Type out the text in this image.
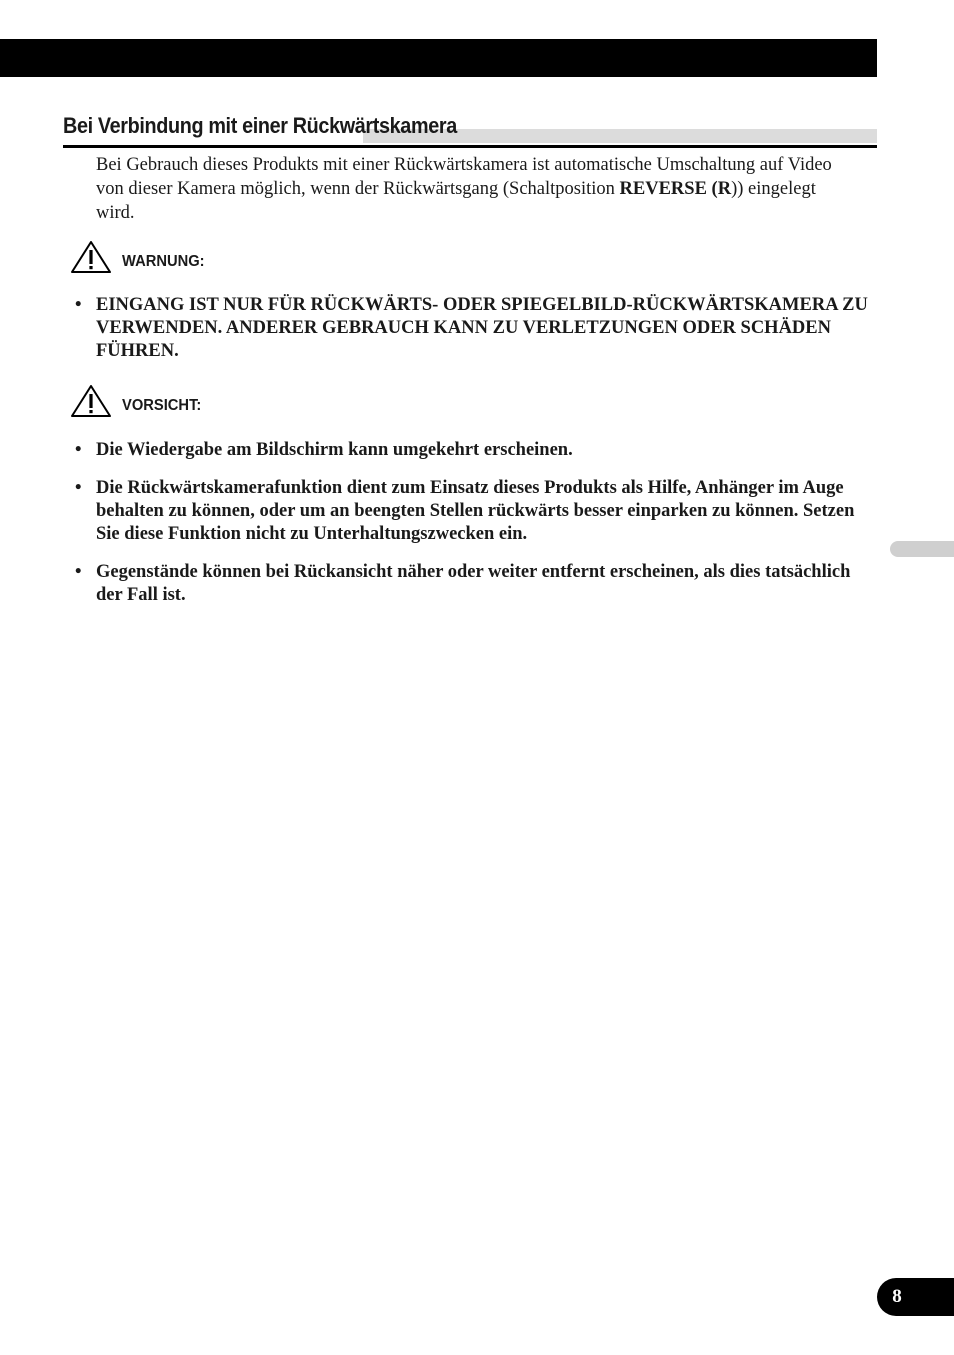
Bei Verbindung mit einer Rückwärtskamera

Bei Gebrauch dieses Produkts mit einer Rückwärtskamera ist automatische Umschaltung auf Video von dieser Kamera möglich, wenn der Rückwärtsgang (Schaltposition REVERSE (R)) eingelegt wird.

WARNUNG:
• EINGANG IST NUR FÜR RÜCKWÄRTS- ODER SPIEGELBILD-RÜCKWÄRTSKAMERA ZU VERWENDEN. ANDERER GEBRAUCH KANN ZU VERLETZUNGEN ODER SCHÄDEN FÜHREN.
VORSICHT:
• Die Wiedergabe am Bildschirm kann umgekehrt erscheinen.
• Die Rückwärtskamerafunktion dient zum Einsatz dieses Produkts als Hilfe, Anhänger im Auge behalten zu können, oder um an beengten Stellen rückwärts besser einparken zu können. Setzen Sie diese Funktion nicht zu Unterhaltungszwecken ein.
• Gegenstände können bei Rückansicht näher oder weiter entfernt erscheinen, als dies tatsächlich der Fall ist.
8
